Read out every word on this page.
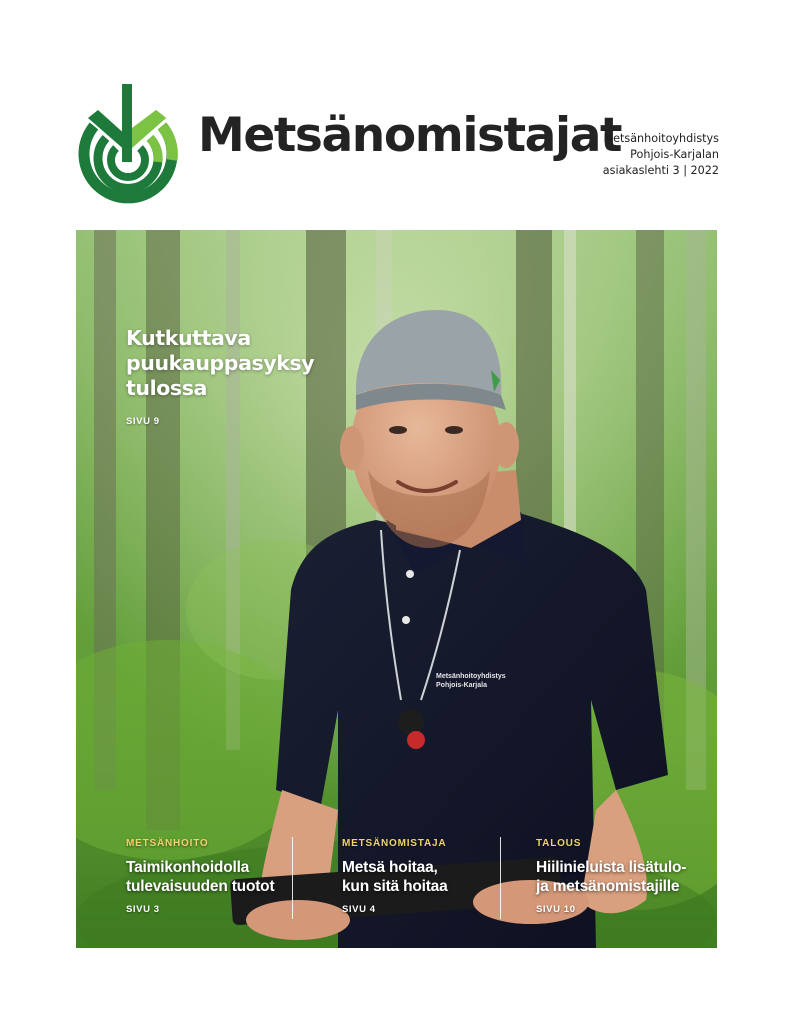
Metsänomistajat
Metsänhoitoyhdistys
Pohjois-Karjalan
asiakaslehti 3 | 2022
Metsänhoitoyhdistys
Pohjois-Karjala
Kutkuttava
puukauppasyksy
tulossa
SIVU 9
METSÄNHOITO
Taimikonhoidolla
tulevaisuuden tuotot
SIVU 3
METSÄNOMISTAJA
Metsä hoitaa,
kun sitä hoitaa
SIVU 4
TALOUS
Hiilinieluista lisätulo-
ja metsänomistajille
SIVU 10
